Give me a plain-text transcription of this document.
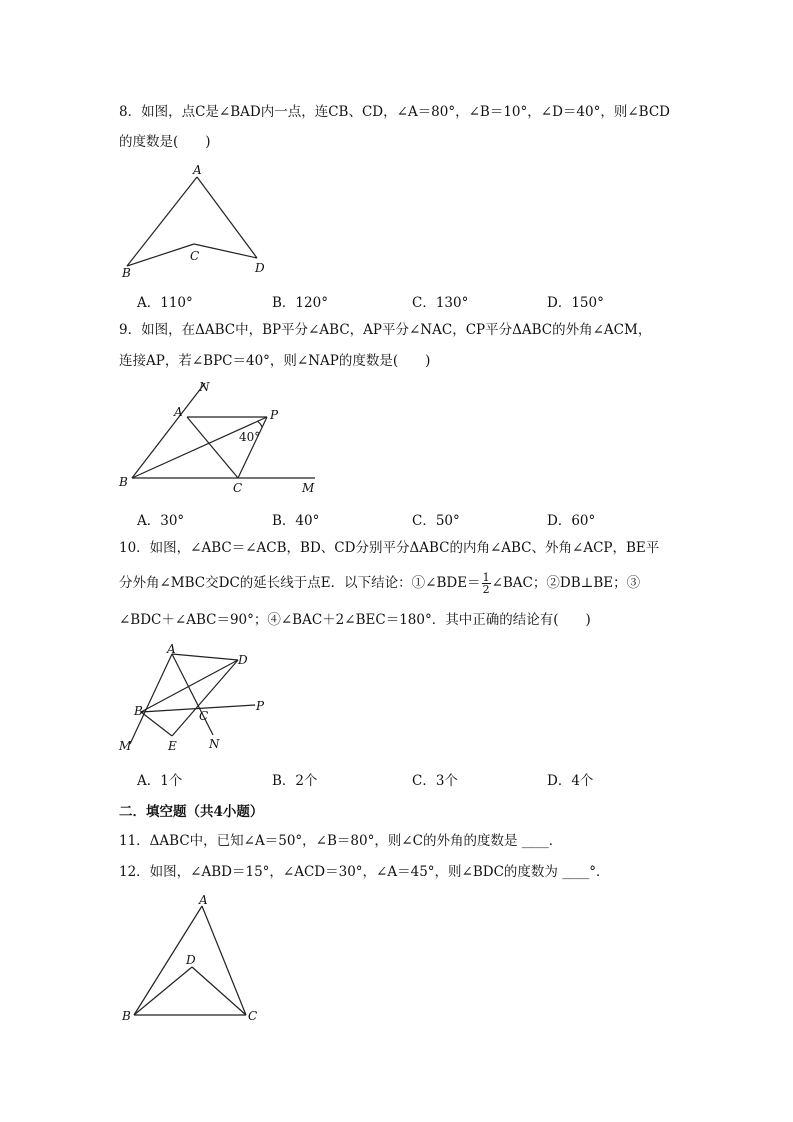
8．如图，点C是∠BAD内一点，连CB、CD，∠A＝80°，∠B＝10°，∠D＝40°，则∠BCD
的度数是(　　)
A
B
C
D
A．110°	B．120°	C．130°	D．150°
9．如图，在ΔABC中，BP平分∠ABC，AP平分∠NAC，CP平分ΔABC的外角∠ACM，
连接AP，若∠BPC＝40°，则∠NAP的度数是(　　)
N
A	P
40°
B	C	M
A．30°	B．40°	C．50°	D．60°
10．如图，∠ABC＝∠ACB，BD、CD分别平分ΔABC的内角∠ABC、外角∠ACP，BE平
分外角∠MBC交DC的延长线于点E．以下结论：①∠BDE＝ $\frac{1}{2}$ ∠BAC；②DB⊥BE；③
∠BDC＋∠ABC＝90°；④∠BAC＋2∠BEC＝180°．其中正确的结论有(　　)
A
D
B	C
P
M	E	N
A．1个	B．2个	C．3个	D．4个
二．填空题（共4小题）
11．ΔABC中，已知∠A＝50°，∠B＝80°，则∠C的外角的度数是 ____．
12．如图，∠ABD＝15°，∠ACD＝30°，∠A＝45°，则∠BDC的度数为 ____°．
A
D
B	C
